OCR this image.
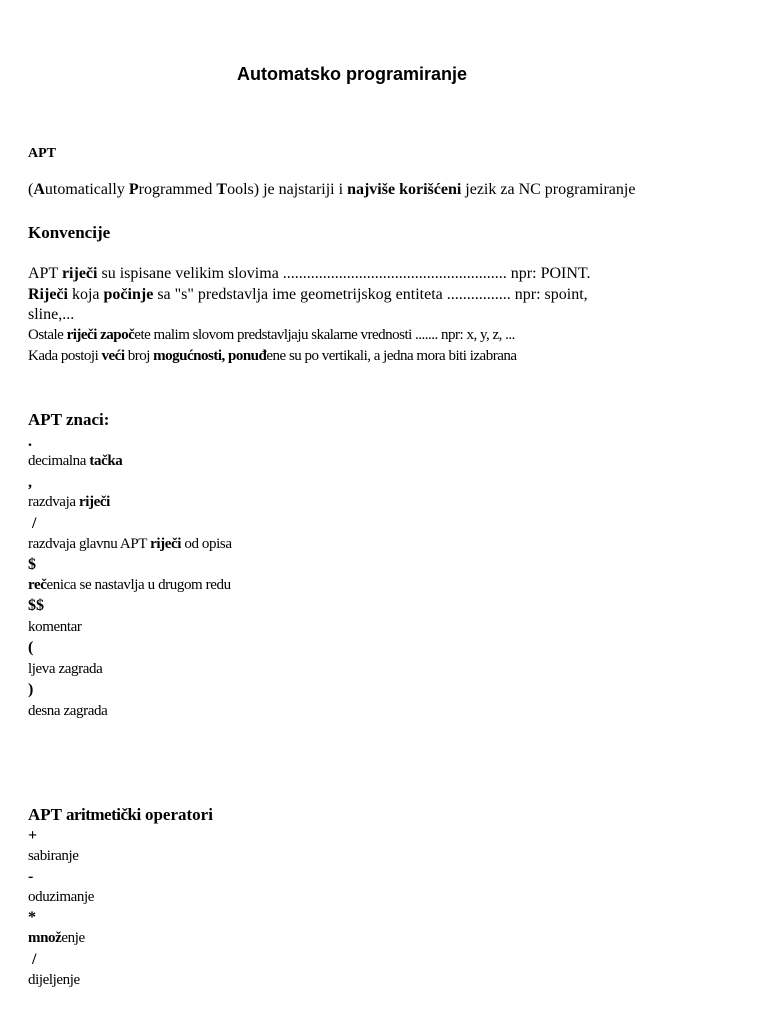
Automatsko programiranje
APT
(Automatically Programmed Tools) je najstariji i najviše korišćeni jezik za NC programiranje
Konvencije
APT riječi su ispisane velikim slovima ........................................................ npr: POINT.
Riječi koja počinje sa "s" predstavlja ime geometrijskog entiteta ................ npr: spoint,
sline,...
Ostale riječi započete malim slovom predstavljaju skalarne vrednosti ....... npr: x, y, z, ...
Kada postoji veći broj mogućnosti, ponuđene su po vertikali, a jedna mora biti izabrana
APT znaci:
.
decimalna tačka
,
razdvaja riječi
/
razdvaja glavnu APT riječi od opisa
$
rečenica se nastavlja u drugom redu
$$
komentar
(
ljeva zagrada
)
desna zagrada
APT aritmetički operatori
+
sabiranje
-
oduzimanje
*
množenje
/
dijeljenje
